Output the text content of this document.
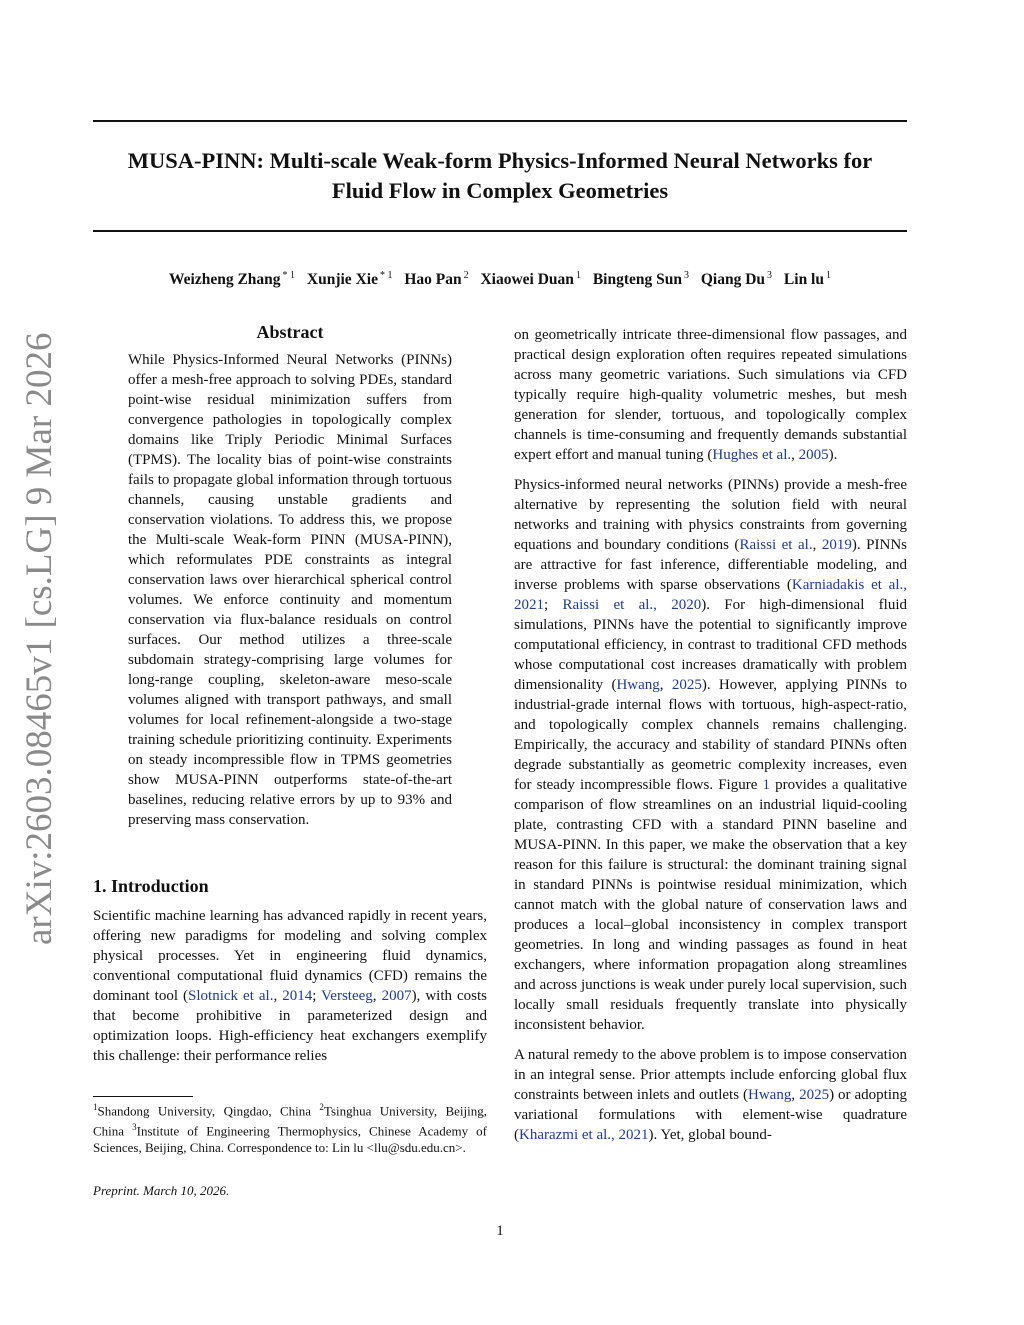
arXiv:2603.08465v1 [cs.LG] 9 Mar 2026
MUSA-PINN: Multi-scale Weak-form Physics-Informed Neural Networks for
Fluid Flow in Complex Geometries
Weizheng Zhang $^{* 1}$ Xunjie Xie $^{* 1}$ Hao Pan $^2$ Xiaowei Duan $^1$ Bingteng Sun $^3$ Qiang Du $^3$ Lin lu $^1$
Abstract

While Physics-Informed Neural Networks (PINNs) offer a mesh-free approach to solving PDEs, standard point-wise residual minimization suffers from convergence pathologies in topologically complex domains like Triply Periodic Minimal Surfaces (TPMS). The locality bias of point-wise constraints fails to propagate global information through tortuous channels, causing unstable gradients and conservation violations. To address this, we propose the Multi-scale Weak-form PINN (MUSA-PINN), which reformulates PDE constraints as integral conservation laws over hierarchical spherical control volumes. We enforce continuity and momentum conservation via flux-balance residuals on control surfaces. Our method utilizes a three-scale subdomain strategy-comprising large volumes for long-range coupling, skeleton-aware meso-scale volumes aligned with transport pathways, and small volumes for local refinement-alongside a two-stage training schedule prioritizing continuity. Experiments on steady incompressible flow in TPMS geometries show MUSA-PINN outperforms state-of-the-art baselines, reducing relative errors by up to 93% and preserving mass conservation.

1. Introduction

Scientific machine learning has advanced rapidly in recent years, offering new paradigms for modeling and solving complex physical processes. Yet in engineering fluid dynamics, conventional computational fluid dynamics (CFD) remains the dominant tool (Slotnick et al., 2014; Versteeg, 2007), with costs that become prohibitive in parameterized design and optimization loops. High-efficiency heat exchangers exemplify this challenge: their performance relies

on geometrically intricate three-dimensional flow passages, and practical design exploration often requires repeated simulations across many geometric variations. Such simulations via CFD typically require high-quality volumetric meshes, but mesh generation for slender, tortuous, and topologically complex channels is time-consuming and frequently demands substantial expert effort and manual tuning (Hughes et al., 2005).

Physics-informed neural networks (PINNs) provide a mesh-free alternative by representing the solution field with neural networks and training with physics constraints from governing equations and boundary conditions (Raissi et al., 2019). PINNs are attractive for fast inference, differentiable modeling, and inverse problems with sparse observations (Karniadakis et al., 2021; Raissi et al., 2020). For high-dimensional fluid simulations, PINNs have the potential to significantly improve computational efficiency, in contrast to traditional CFD methods whose computational cost increases dramatically with problem dimensionality (Hwang, 2025). However, applying PINNs to industrial-grade internal flows with tortuous, high-aspect-ratio, and topologically complex channels remains challenging. Empirically, the accuracy and stability of standard PINNs often degrade substantially as geometric complexity increases, even for steady incompressible flows. Figure 1 provides a qualitative comparison of flow streamlines on an industrial liquid-cooling plate, contrasting CFD with a standard PINN baseline and MUSA-PINN. In this paper, we make the observation that a key reason for this failure is structural: the dominant training signal in standard PINNs is pointwise residual minimization, which cannot match with the global nature of conservation laws and produces a local–global inconsistency in complex transport geometries. In long and winding passages as found in heat exchangers, where information propagation along streamlines and across junctions is weak under purely local supervision, such locally small residuals frequently translate into physically inconsistent behavior.

A natural remedy to the above problem is to impose conservation in an integral sense. Prior attempts include enforcing global flux constraints between inlets and outlets (Hwang, 2025) or adopting variational formulations with element-wise quadrature (Kharazmi et al., 2021). Yet, global bound-

$^1$Shandong University, Qingdao, China $^2$Tsinghua University, Beijing, China $^3$Institute of Engineering Thermophysics, Chinese Academy of Sciences, Beijing, China. Correspondence to: Lin lu <llu@sdu.edu.cn>.
Preprint. March 10, 2026.
1
